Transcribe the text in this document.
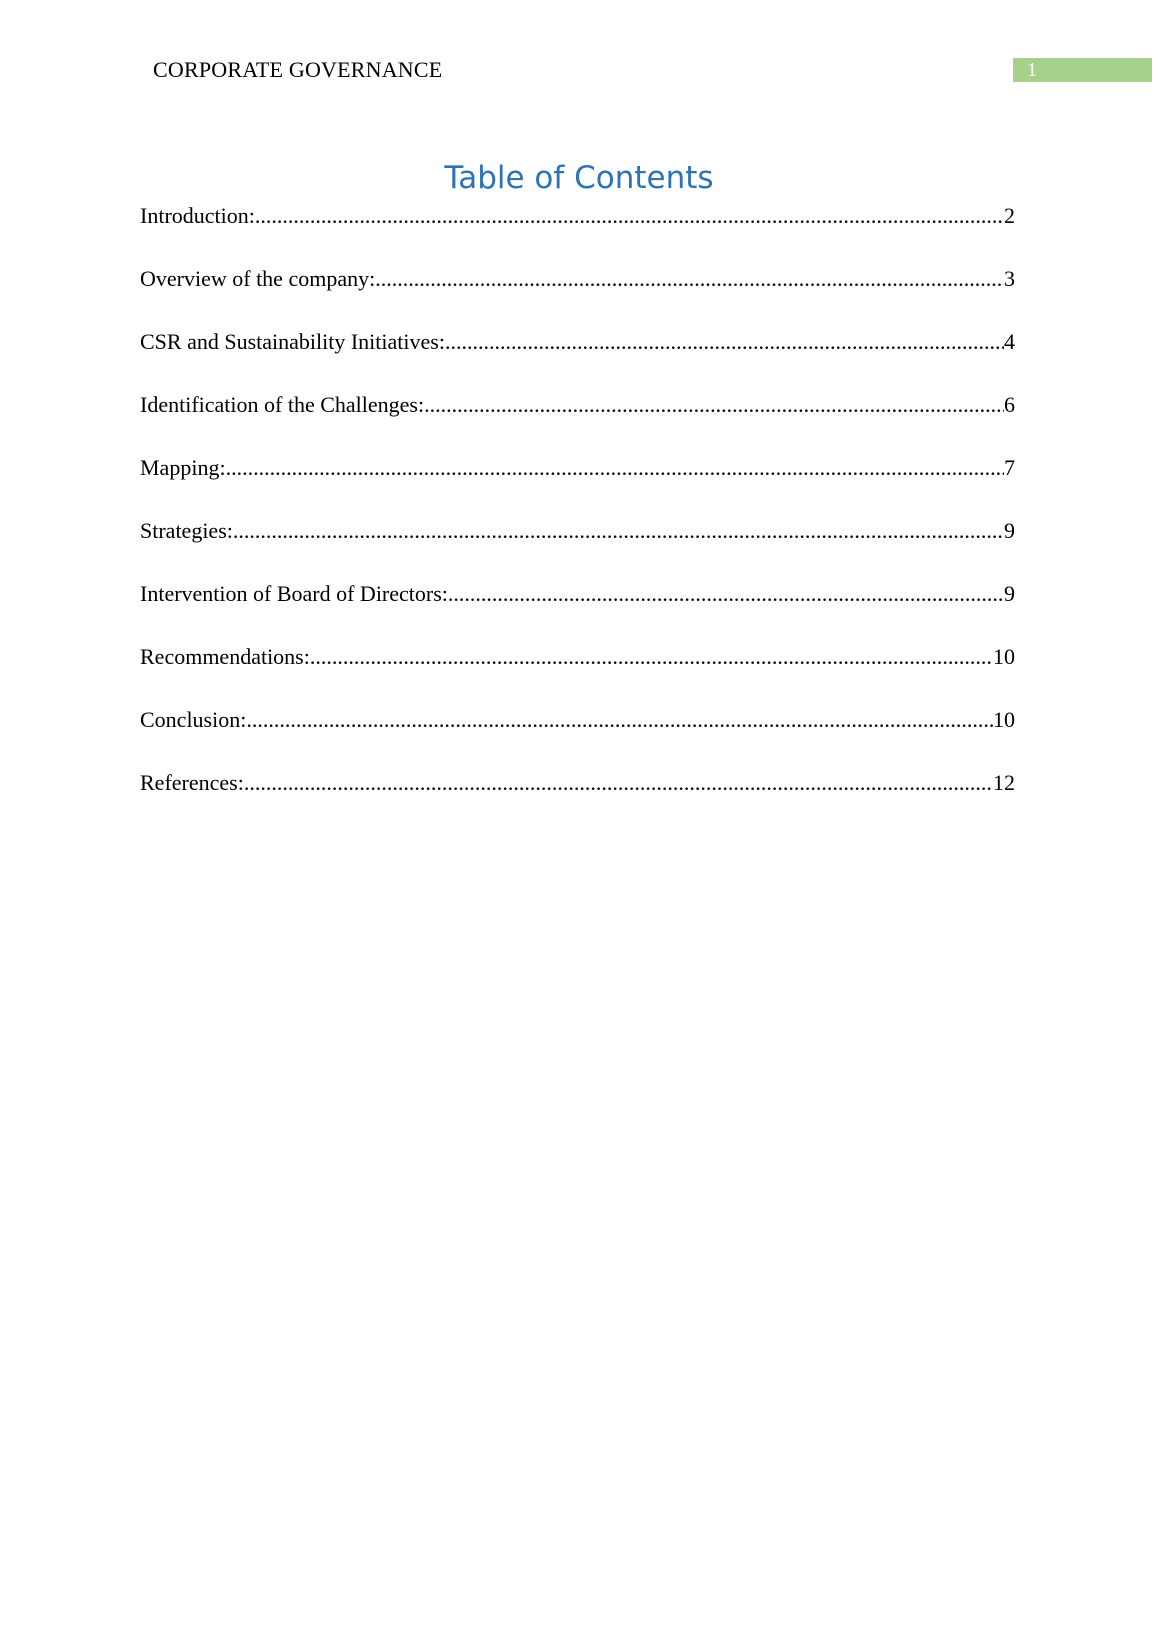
CORPORATE GOVERNANCE	1
Table of Contents
Introduction: .....	2
Overview of the company: .....	3
CSR and Sustainability Initiatives: .....	4
Identification of the Challenges: .....	6
Mapping: .....	7
Strategies: .....	9
Intervention of Board of Directors: .....	9
Recommendations: .....	10
Conclusion: .....	10
References: .....	12
